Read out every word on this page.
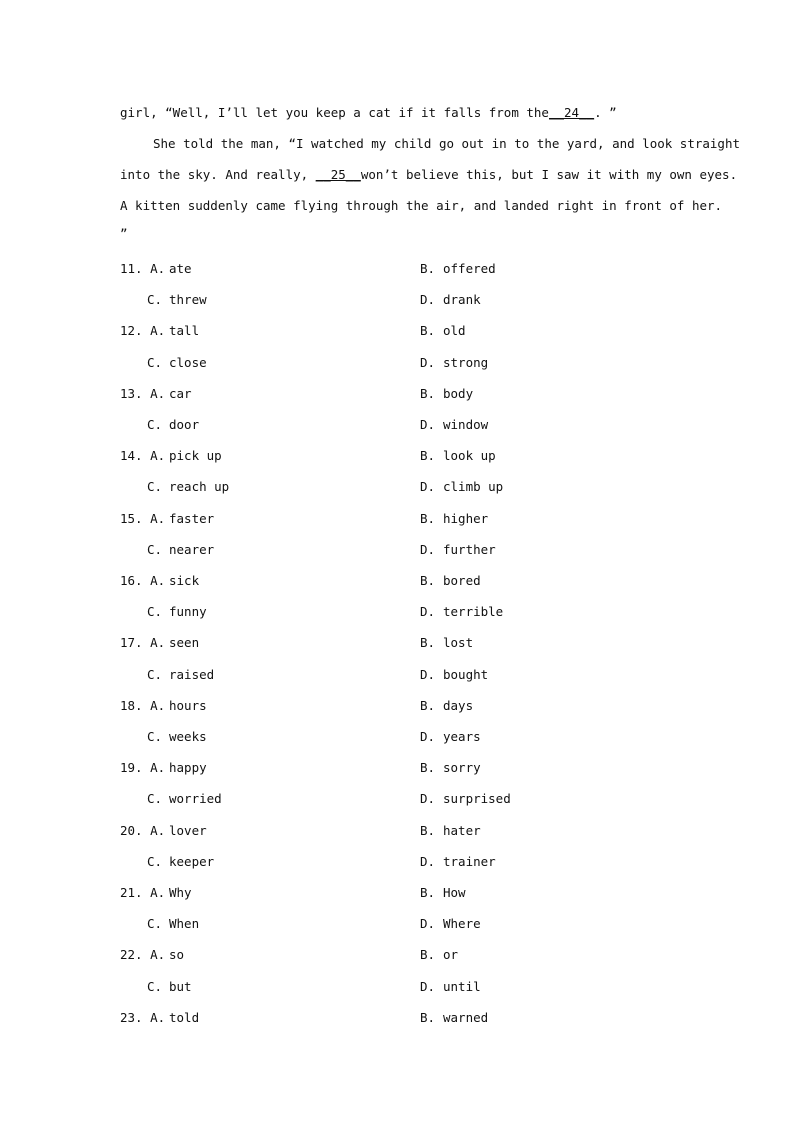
girl, “Well, I’ll let you keep a cat if it falls from the__24__. ”
She told the man, “I watched my child go out in to the yard, and look straight
into the sky. And really, __25__won’t believe this, but I saw it with my own eyes.
A kitten suddenly came flying through the air, and landed right in front of her.
”
11. A. ate	B. offered
C. threw	D. drank
12. A. tall	B. old
C. close	D. strong
13. A. car	B. body
C. door	D. window
14. A. pick up	B. look up
C. reach up	D. climb up
15. A. faster	B. higher
C. nearer	D. further
16. A. sick	B. bored
C. funny	D. terrible
17. A. seen	B. lost
C. raised	D. bought
18. A. hours	B. days
C. weeks	D. years
19. A. happy	B. sorry
C. worried	D. surprised
20. A. lover	B. hater
C. keeper	D. trainer
21. A. Why	B. How
C. When	D. Where
22. A. so	B. or
C. but	D. until
23. A. told	B. warned
